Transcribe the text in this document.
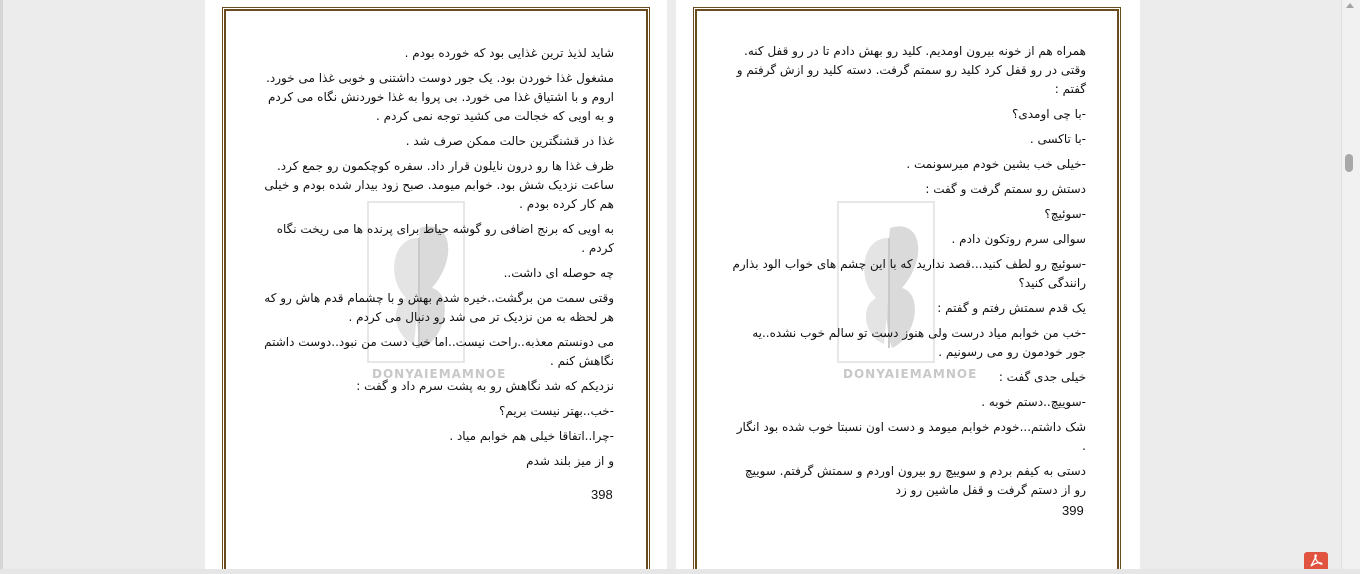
DONYAIEMAMNOE

شاید لذیذ ترین غذایی بود که خورده بودم .

مشغول غذا خوردن بود. یک جور دوست داشتنی و خوبی غذا می خورد. اروم و با اشتیاق غذا می خورد. بی پروا به غذا خوردنش نگاه می کردم و به اویی که خجالت می کشید توجه نمی کردم .

غذا در قشنگترین حالت ممکن صرف شد .

ظرف غذا ها رو درون نایلون قرار داد. سفره کوچکمون رو جمع کرد. ساعت نزدیک شش بود. خوابم میومد. صبح زود بیدار شده بودم و خیلی هم کار کرده بودم .

به اویی که برنج اضافی رو گوشه حیاط برای پرنده ها می ریخت نگاه کردم .

چه حوصله ای داشت..

وقتی سمت من برگشت..خیره شدم بهش و با چشمام قدم هاش رو که هر لحظه به من نزدیک تر می شد رو دنبال می کردم .

می دونستم معذبه..راحت نیست..اما خب دست من نبود..دوست داشتم نگاهش کنم .

نزدیکم که شد نگاهش رو به پشت سرم داد و گفت :

-خب..بهتر نیست بریم؟

-چرا..اتفاقا خیلی هم خوابم میاد .

و از میز بلند شدم

398
DONYAIEMAMNOE

همراه هم از خونه بیرون اومدیم. کلید رو بهش دادم تا در رو قفل کنه. وقتی در رو قفل کرد کلید رو سمتم گرفت. دسته کلید رو ازش گرفتم و گفتم :

-با چی اومدی؟

-با تاکسی .

-خیلی خب بشین خودم میرسونمت .

دستش رو سمتم گرفت و گفت :

-سوئیچ؟

سوالی سرم روتکون دادم .

-سوئیچ رو لطف کنید...قصد ندارید که با این چشم های خواب الود بذارم رانندگی کنید؟

یک قدم سمتش رفتم و گفتم :

-خب من خوابم میاد درست ولی هنوز دست تو سالم خوب نشده..یه جور خودمون رو می رسونیم .

خیلی جدی گفت :

-سوییچ..دستم خوبه .

شک داشتم...خودم خوابم میومد و دست اون نسبتا خوب شده بود انگار .

دستی به کیفم بردم و سوییچ رو بیرون اوردم و سمتش گرفتم. سوییچ رو از دستم گرفت و قفل ماشین رو زد

399
